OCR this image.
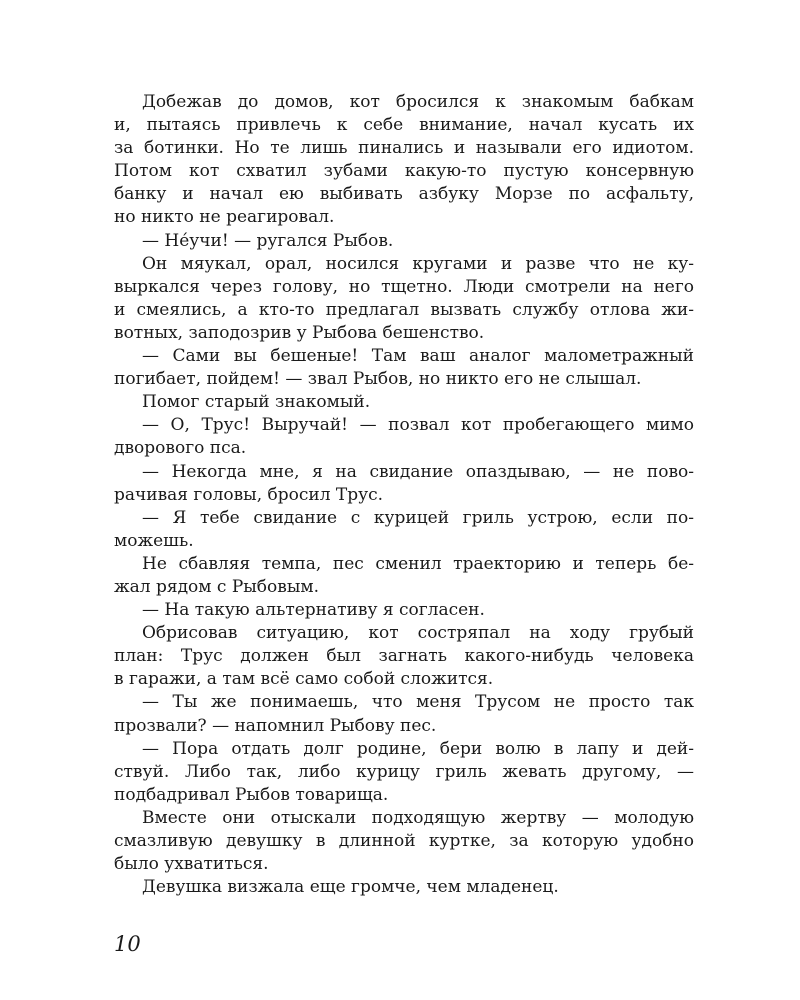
Добежав до домов, кот бросился к знакомым бабкам
и, пытаясь привлечь к себе внимание, начал кусать их
за ботинки. Но те лишь пинались и называли его идиотом.
Потом кот схватил зубами какую-то пустую консервную
банку и начал ею выбивать азбуку Морзе по асфальту,
но никто не реагировал.
— Не́учи! — ругался Рыбов.
Он мяукал, орал, носился кругами и разве что не ку-
выркался через голову, но тщетно. Люди смотрели на него
и смеялись, а кто-то предлагал вызвать службу отлова жи-
вотных, заподозрив у Рыбова бешенство.
— Сами вы бешеные! Там ваш аналог малометражный
погибает, пойдем! — звал Рыбов, но никто его не слышал.
Помог старый знакомый.
— О, Трус! Выручай! — позвал кот пробегающего мимо
дворового пса.
— Некогда мне, я на свидание опаздываю, — не пово-
рачивая головы, бросил Трус.
— Я тебе свидание с курицей гриль устрою, если по-
можешь.
Не сбавляя темпа, пес сменил траекторию и теперь бе-
жал рядом с Рыбовым.
— На такую альтернативу я согласен.
Обрисовав ситуацию, кот состряпал на ходу грубый
план: Трус должен был загнать какого-нибудь человека
в гаражи, а там всё само собой сложится.
— Ты же понимаешь, что меня Трусом не просто так
прозвали? — напомнил Рыбову пес.
— Пора отдать долг родине, бери волю в лапу и дей-
ствуй. Либо так, либо курицу гриль жевать другому, —
подбадривал Рыбов товарища.
Вместе они отыскали подходящую жертву — молодую
смазливую девушку в длинной куртке, за которую удобно
было ухватиться.
Девушка визжала еще громче, чем младенец.
10
